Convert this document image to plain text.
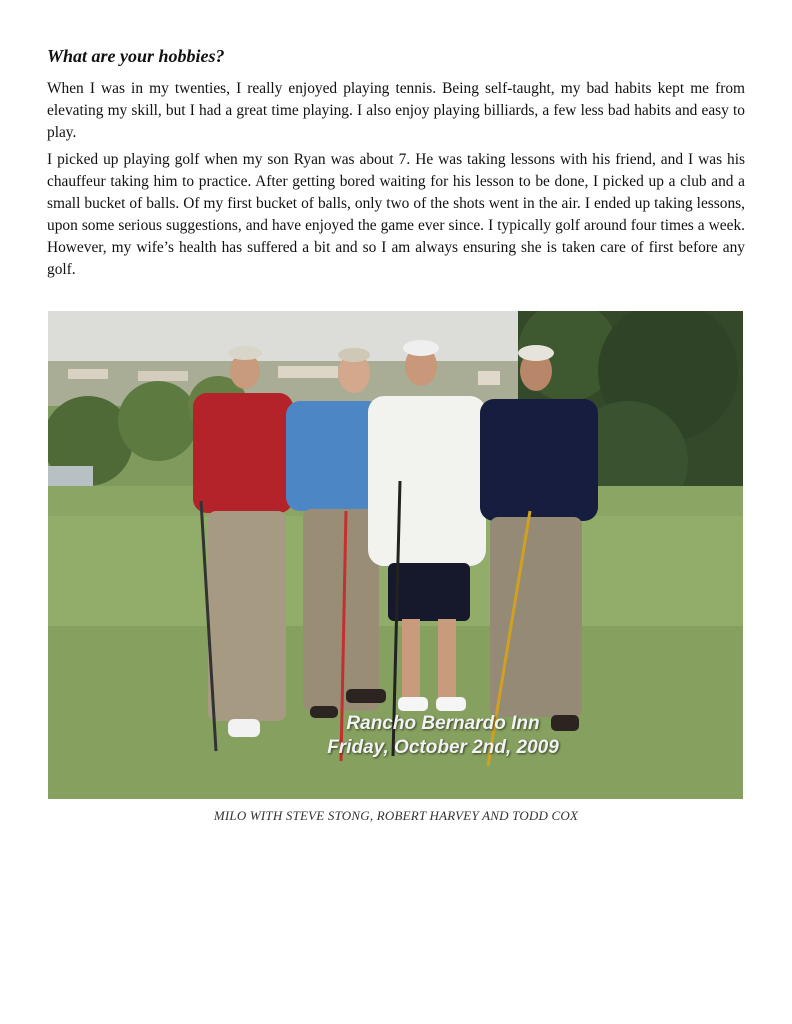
What are your hobbies?

When I was in my twenties, I really enjoyed playing tennis. Being self-taught, my bad habits kept me from elevating my skill, but I had a great time playing. I also enjoy playing billiards, a few less bad habits and easy to play.

I picked up playing golf when my son Ryan was about 7. He was taking lessons with his friend, and I was his chauffeur taking him to practice. After getting bored waiting for his lesson to be done, I picked up a club and a small bucket of balls. Of my first bucket of balls, only two of the shots went in the air. I ended up taking lessons, upon some serious suggestions, and have enjoyed the game ever since. I typically golf around four times a week. However, my wife’s health has suffered a bit and so I am always ensuring she is taken care of first before any golf.

Rancho Bernardo Inn
Friday, October 2nd, 2009
MILO WITH STEVE STONG, ROBERT HARVEY AND TODD COX
